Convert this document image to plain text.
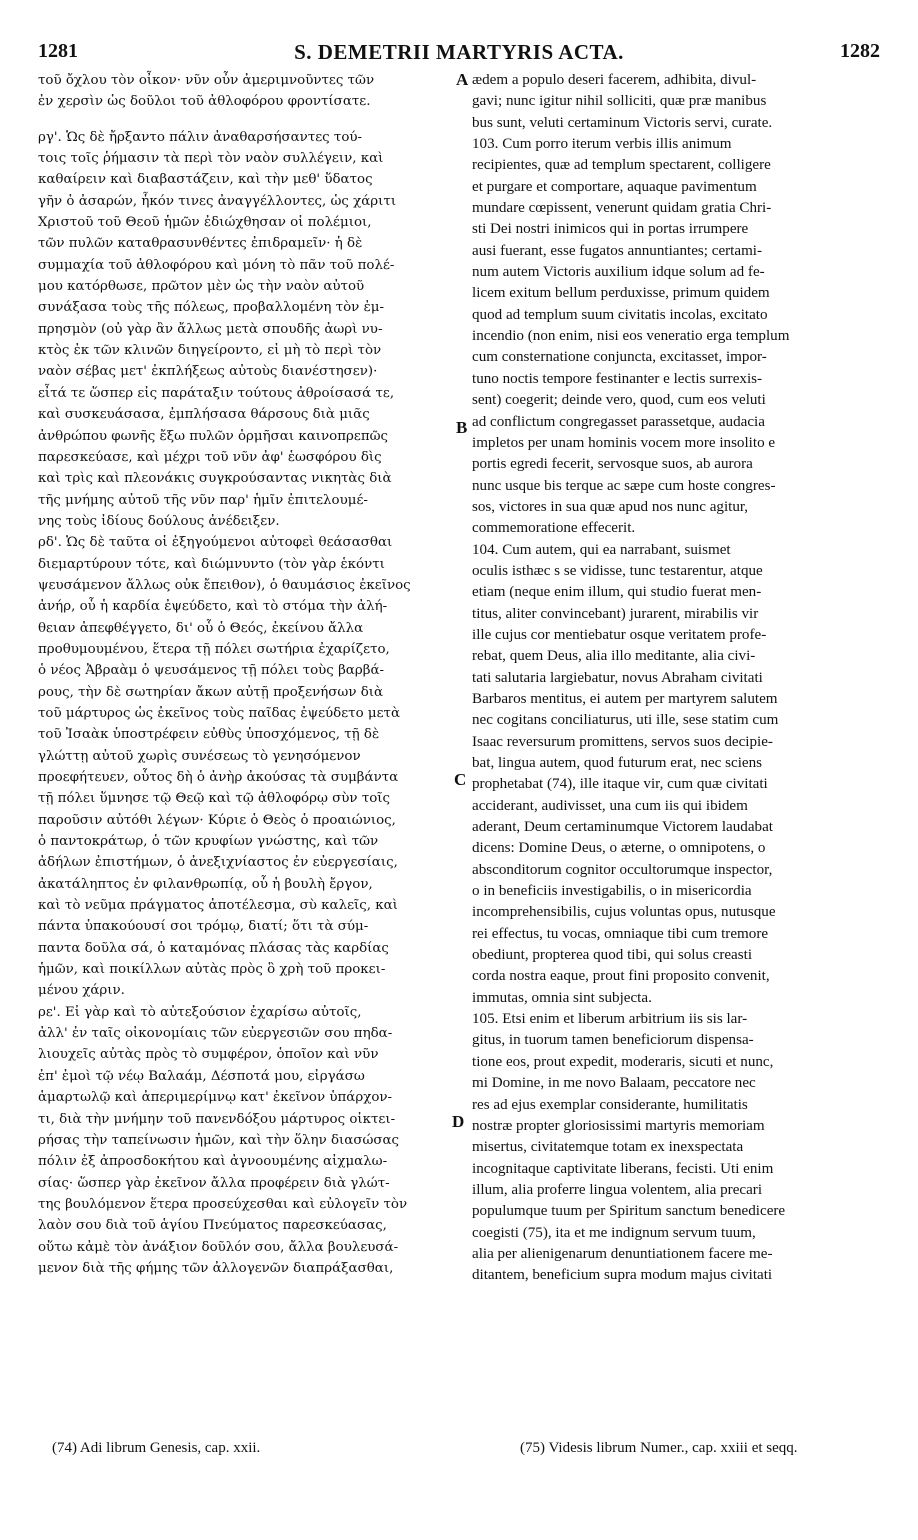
1281	S. DEMETRII MARTYRIS ACTA.	1282
τοῦ ὄχλου τὸν οἶκον· νῦν οὖν ἀμεριμνοῦντες τῶν
ἐν χερσὶν ὡς δοῦλοι τοῦ ἀθλοφόρου φροντίσατε.
ργ'. Ὡς δὲ ἤρξαντο πάλιν ἀναθαρσήσαντες τού-
τοις τοῖς ῥήμασιν τὰ περὶ τὸν ναὸν συλλέγειν, καὶ
καθαίρειν καὶ διαβαστάζειν, καὶ τὴν μεθ' ὕδατος
γῆν ὁ ἀσαρών, ἧκόν τινες ἀναγγέλλοντες, ὡς χάριτι
Χριστοῦ τοῦ Θεοῦ ἡμῶν ἐδιώχθησαν οἱ πολέμιοι,
τῶν πυλῶν καταθρασυνθέντες ἐπιδραμεῖν· ἡ δὲ
συμμαχία τοῦ ἀθλοφόρου καὶ μόνη τὸ πᾶν τοῦ πολέ-
μου κατόρθωσε, πρῶτον μὲν ὡς τὴν ναὸν αὐτοῦ
συνάξασα τοὺς τῆς πόλεως, προβαλλομένη τὸν ἐμ-
πρησμὸν (οὐ γὰρ ἂν ἄλλως μετὰ σπουδῆς ἀωρὶ νυ-
κτὸς ἐκ τῶν κλινῶν διηγείροντο, εἰ μὴ τὸ περὶ τὸν
ναὸν σέβας μετ' ἐκπλήξεως αὐτοὺς διανέστησεν)·
εἶτά τε ὥσπερ εἰς παράταξιν τούτους ἀθροίσασά τε,
καὶ συσκευάσασα, ἐμπλήσασα θάρσους διὰ μιᾶς
ἀνθρώπου φωνῆς ἔξω πυλῶν ὁρμῆσαι καινοπρεπῶς
παρεσκεύασε, καὶ μέχρι τοῦ νῦν ἀφ' ἑωσφόρου δὶς
καὶ τρὶς καὶ πλεονάκις συγκρούσαντας νικητὰς διὰ
τῆς μνήμης αὐτοῦ τῆς νῦν παρ' ἡμῖν ἐπιτελουμέ-
νης τοὺς ἰδίους δούλους ἀνέδειξεν.
ρδ'. Ὡς δὲ ταῦτα οἱ ἐξηγούμενοι αὐτοφεὶ θεάσασθαι
διεμαρτύρουν τότε, καὶ διώμνυντο (τὸν γὰρ ἑκόντι
ψευσάμενον ἄλλως οὐκ ἔπειθον), ὁ θαυμάσιος ἐκεῖνος
ἀνήρ, οὗ ἡ καρδία ἐψεύδετο, καὶ τὸ στόμα τὴν ἀλή-
θειαν ἀπεφθέγγετο, δι' οὗ ὁ Θεός, ἐκείνου ἄλλα
προθυμουμένου, ἕτερα τῇ πόλει σωτήρια ἐχαρίζετο,
ὁ νέος Ἀβραὰμ ὁ ψευσάμενος τῇ πόλει τοὺς βαρβά-
ρους, τὴν δὲ σωτηρίαν ἄκων αὐτῇ προξενήσων διὰ
τοῦ μάρτυρος ὡς ἐκεῖνος τοὺς παῖδας ἐψεύδετο μετὰ
τοῦ Ἰσαὰκ ὑποστρέφειν εὐθὺς ὑποσχόμενος, τῇ δὲ
γλώττῃ αὐτοῦ χωρὶς συνέσεως τὸ γενησόμενον
προεφήτευεν, οὗτος δὴ ὁ ἀνὴρ ἀκούσας τὰ συμβάντα
τῇ πόλει ὕμνησε τῷ Θεῷ καὶ τῷ ἀθλοφόρῳ σὺν τοῖς
παροῦσιν αὐτόθι λέγων· Κύριε ὁ Θεὸς ὁ προαιώνιος,
ὁ παντοκράτωρ, ὁ τῶν κρυφίων γνώστης, καὶ τῶν
ἀδήλων ἐπιστήμων, ὁ ἀνεξιχνίαστος ἐν εὐεργεσίαις,
ἀκατάληπτος ἐν φιλανθρωπίᾳ, οὗ ἡ βουλὴ ἔργον,
καὶ τὸ νεῦμα πράγματος ἀποτέλεσμα, σὺ καλεῖς, καὶ
πάντα ὑπακούουσί σοι τρόμῳ, διατί; ὅτι τὰ σύμ-
παντα δοῦλα σά, ὁ καταμόνας πλάσας τὰς καρδίας
ἡμῶν, καὶ ποικίλλων αὐτὰς πρὸς ὃ χρὴ τοῦ προκει-
μένου χάριν.
ρε'. Εἰ γὰρ καὶ τὸ αὐτεξούσιον ἐχαρίσω αὐτοῖς,
ἀλλ' ἐν ταῖς οἰκονομίαις τῶν εὐεργεσιῶν σου πηδα-
λιουχεῖς αὐτὰς πρὸς τὸ συμφέρον, ὁποῖον καὶ νῦν
ἐπ' ἐμοὶ τῷ νέῳ Βαλαάμ, Δέσποτά μου, εἰργάσω
ἁμαρτωλῷ καὶ ἀπεριμερίμνῳ κατ' ἐκεῖνον ὑπάρχον-
τι, διὰ τὴν μνήμην τοῦ πανενδόξου μάρτυρος οἰκτει-
ρήσας τὴν ταπείνωσιν ἡμῶν, καὶ τὴν ὅλην διασώσας
πόλιν ἐξ ἀπροσδοκήτου καὶ ἀγνοουμένης αἰχμαλω-
σίας· ὥσπερ γὰρ ἐκεῖνον ἄλλα προφέρειν διὰ γλώτ-
της βουλόμενον ἕτερα προσεύχεσθαι καὶ εὐλογεῖν τὸν
λαὸν σου διὰ τοῦ ἁγίου Πνεύματος παρεσκεύασας,
οὕτω κἀμὲ τὸν ἀνάξιον δοῦλόν σου, ἄλλα βουλευσά-
μενον διὰ τῆς φήμης τῶν ἀλλογενῶν διαπράξασθαι,
ædem a populo deseri facerem, adhibita, divul-
gavi; nunc igitur nihil solliciti, quæ præ manibus
bus sunt, veluti certaminum Victoris servi, curate.
103. Cum porro iterum verbis illis animum
recipientes, quæ ad templum spectarent, colligere
et purgare et comportare, aquaque pavimentum
mundare cœpissent, venerunt quidam gratia Chri-
sti Dei nostri inimicos qui in portas irrumpere
ausi fuerant, esse fugatos annuntiantes; certami-
num autem Victoris auxilium idque solum ad fe-
licem exitum bellum perduxisse, primum quidem
quod ad templum suum civitatis incolas, excitato
incendio (non enim, nisi eos veneratio erga templum
cum consternatione conjuncta, excitasset, impor-
tuno noctis tempore festinanter e lectis surrexis-
sent) coegerit; deinde vero, quod, cum eos veluti
ad conflictum congregasset parassetque, audacia
impletos per unam hominis vocem more insolito e
portis egredi fecerit, servosque suos, ab aurora
nunc usque bis terque ac sæpe cum hoste congres-
sos, victores in sua quæ apud nos nunc agitur,
commemoratione effecerit.
104. Cum autem, qui ea narrabant, suismet
oculis isthæc s se vidisse, tunc testarentur, atque
etiam (neque enim illum, qui studio fuerat men-
titus, aliter convincebant) jurarent, mirabilis vir
ille cujus cor mentiebatur osque veritatem profe-
rebat, quem Deus, alia illo meditante, alia civi-
tati salutaria largiebatur, novus Abraham civitati
Barbaros mentitus, ei autem per martyrem salutem
nec cogitans conciliaturus, uti ille, sese statim cum
Isaac reversurum promittens, servos suos decipie-
bat, lingua autem, quod futurum erat, nec sciens
prophetabat (74), ille itaque vir, cum quæ civitati
acciderant, audivisset, una cum iis qui ibidem
aderant, Deum certaminumque Victorem laudabat
dicens: Domine Deus, o æterne, o omnipotens, o
absconditorum cognitor occultorumque inspector,
o in beneficiis investigabilis, o in misericordia
incomprehensibilis, cujus voluntas opus, nutusque
rei effectus, tu vocas, omniaque tibi cum tremore
obediunt, propterea quod tibi, qui solus creasti
corda nostra eaque, prout fini proposito convenit,
immutas, omnia sint subjecta.
105. Etsi enim et liberum arbitrium iis sis lar-
gitus, in tuorum tamen beneficiorum dispensa-
tione eos, prout expedit, moderaris, sicuti et nunc,
mi Domine, in me novo Balaam, peccatore nec
res ad ejus exemplar considerante, humilitatis
nostræ propter gloriosissimi martyris memoriam
misertus, civitatemque totam ex inexspectata
incognitaque captivitate liberans, fecisti. Uti enim
illum, alia proferre lingua volentem, alia precari
populumque tuum per Spiritum sanctum benedicere
coegisti (75), ita et me indignum servum tuum,
alia per alienigenarum denuntiationem facere me-
ditantem, beneficium supra modum majus civitati
A
B
C
D
(74) Adi librum Genesis, cap. xxii.	(75) Videsis librum Numer., cap. xxiii et seqq.
